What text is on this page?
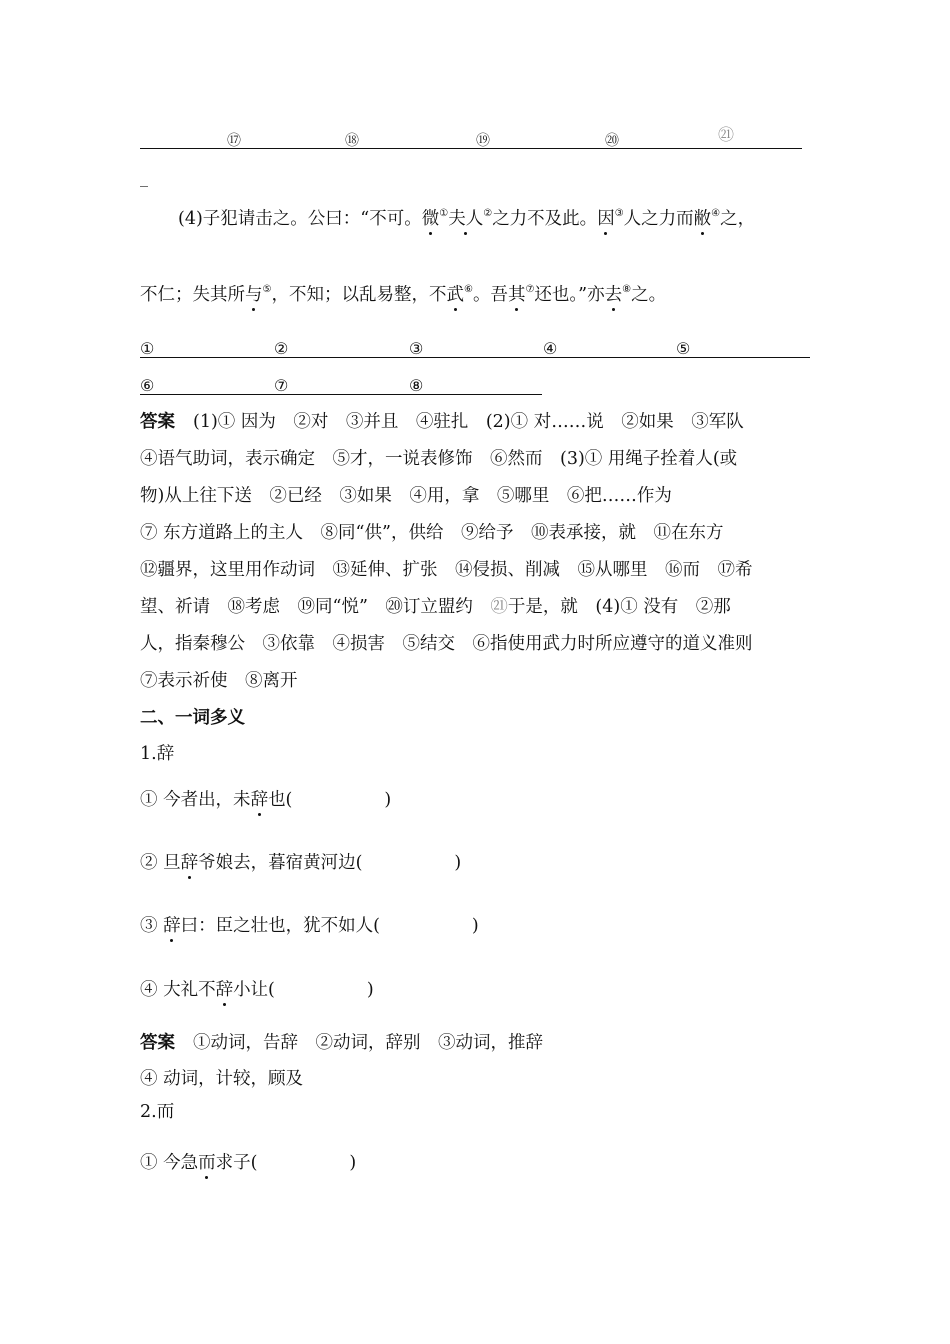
⑰	⑱	⑲	⑳	㉑
_
(4)子犯请击之。公曰：“不可。微①夫人②之力不及此。因③人之力而敝④之，
不仁；失其所与⑤，不知；以乱易整，不武⑥。吾其⑦还也。”亦去⑧之。
①	②	③	④	⑤
⑥	⑦	⑧
答案 (1)① 因为　②对　③并且　④驻扎　(2)① 对……说　②如果　③军队
④语气助词，表示确定　⑤才，一说表修饰　⑥然而　(3)① 用绳子拴着人(或
物)从上往下送　②已经　③如果　④用，拿　⑤哪里　⑥把……作为
⑦ 东方道路上的主人　⑧同“供”，供给　⑨给予　⑩表承接，就　⑪在东方
⑫疆界，这里用作动词　⑬延伸、扩张　⑭侵损、削减　⑮从哪里　⑯而　⑰希
望、祈请　⑱考虑　⑲同“悦”　⑳订立盟约　㉑于是，就　(4)① 没有　②那
人，指秦穆公　③依靠　④损害　⑤结交　⑥指使用武力时所应遵守的道义准则
⑦表示祈使　⑧离开
二、一词多义
1.辞
① 今者出，未辞也(	)
② 旦辞爷娘去，暮宿黄河边(	)
③ 辞曰：臣之壮也，犹不如人(	)
④ 大礼不辞小让(	)
答案 ①动词，告辞　②动词，辞别　③动词，推辞
④ 动词，计较，顾及
2.而
① 今急而求子(	)
